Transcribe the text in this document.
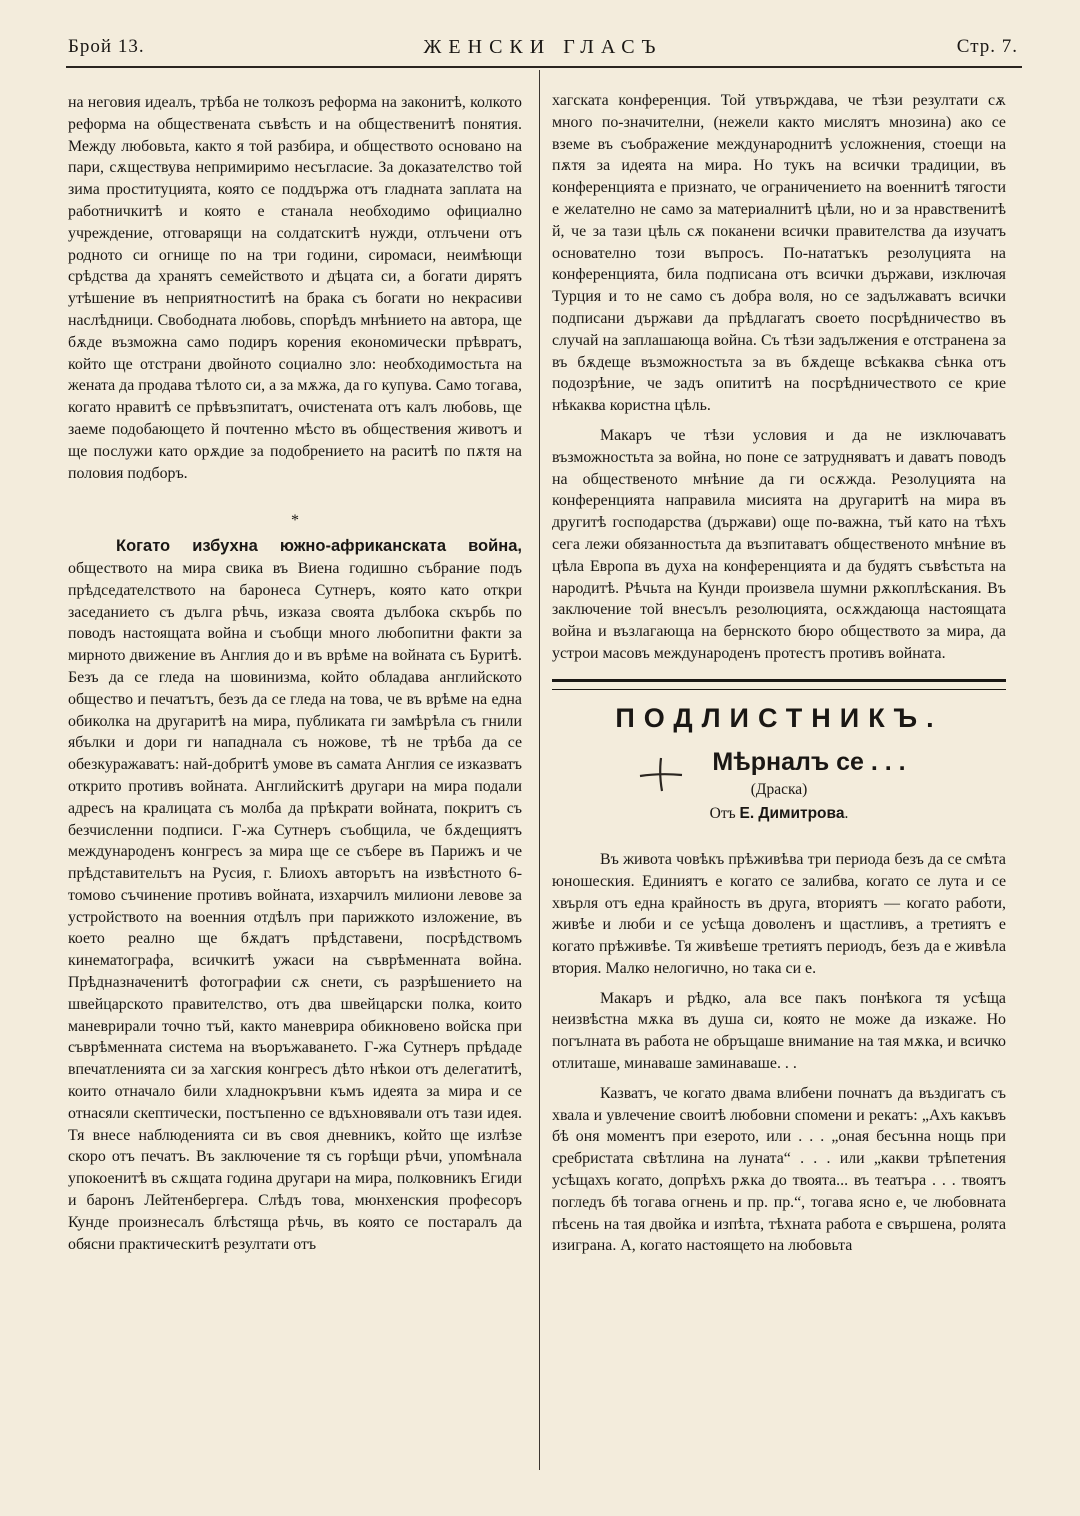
Брой 13.	ЖЕНСКИ ГЛАСЪ	Стр. 7.

на неговия идеалъ, трѣба не толкозъ реформа на законитѣ, колкото реформа на общественатa съвѣсть и на общественитѣ понятия. Между любовьта, както я той разбира, и обществото основано на пари, сѫществува непримиримо несъгласие. За доказателство той зима проституцията, която се поддържа отъ гладната заплата на работничкитѣ и която е станала необходимо официално учреждение, отговарящи на солдатскитѣ нужди, отлъчени отъ родното си огнище по на три години, сиромаси, неимѣющи срѣдства да хранятъ семейството и дѣцата си, а богати дирятъ утѣшение въ неприятноститѣ на брака съ богати но некрасиви наслѣдници. Свободната любовь, спорѣдъ мнѣнието на автора, ще бѫде възможна само подиръ корения економически прѣвратъ, който ще отстрани двойното социално зло: необходимостьта на жената да продава тѣлото си, а за мѫжа, да го купува. Само тогава, когато нравитѣ се прѣвъзпитатъ, очистената отъ калъ любовь, ще заеме подобающето й почтенно мѣсто въ обществения животъ и ще послужи като орѫдие за подобрението на раситѣ по пѫтя на половия подборъ.

*

Когато избухна южно-африканската война, обществото на мира свика въ Виена годишно събрание подъ прѣдседателството на баронеса Сутнеръ, която като откри заседанието съ дълга рѣчь, изказа своята дълбока скърбь по поводъ настоящата война и съобщи много любопитни факти за мирното движение въ Англия до и въ врѣме на войната съ Буритѣ. Безъ да се гледа на шовинизма, който обладава английското общество и печатътъ, безъ да се гледа на това, че въ врѣме на една обиколка на другаритѣ на мира, публиката ги замѣрѣла съ гнили ябълки и дори ги нападнала съ ножове, тѣ не трѣба да се обезкуражаватъ: най-добритѣ умове въ самата Англия се изказватъ открито противъ войната. Английскитѣ другари на мира подали адресъ на кралицата съ молба да прѣкрати войната, покритъ съ безчисленни подписи. Г-жа Сутнеръ съобщила, че бѫдещиятъ международенъ конгресъ за мира ще се събере въ Парижъ и че прѣдставительтъ на Русия, г. Блиохъ авторътъ на извѣстното 6-томово съчинение противъ войната, изхарчилъ милиони левове за устройството на военния отдѣлъ при парижкото изложение, въ което реално ще бѫдатъ прѣдставени, посрѣдствомъ кинематографа, всичкитѣ ужаси на съврѣменната война. Прѣдназначенитѣ фотографии сѫ снети, съ разрѣшението на швейцарското правителство, отъ два швейцарски полка, които маневрирали точно тъй, както маневрира обикновено войска при съврѣменната система на въоръжаването. Г-жа Сутнеръ прѣдаде впечатленията си за хагския конгресъ дѣто нѣкои отъ делегатитѣ, които отначало били хладнокръвни къмъ идеята за мира и се отнасяли скептически, постъпенно се вдъхновявали отъ тази идея. Тя внесе наблюденията си въ своя дневникъ, който ще излѣзе скоро отъ печатъ. Въ заключение тя съ горѣщи рѣчи, упомѣнала упокоенитѣ въ сѫщата година другари на мира, полковникъ Егиди и баронъ Лейтенбергера. Слѣдъ това, мюнхенския професоръ Кунде произнесалъ блѣстяща рѣчь, въ която се постаралъ да обясни практическитѣ резултати отъ

хагската конференция. Той утвърждава, че тѣзи резултати сѫ много по-значителни, (нежели както мислятъ мнозина) ако се вземе въ съображение международнитѣ усложнения, стоещи на пѫтя за идеята на мира. Но тукъ на всички традиции, въ конференцията е признато, че ограничението на военнитѣ тягости е желателно не само за материалнитѣ цѣли, но и за нравственитѣ й, че за тази цѣль сѫ поканени всички правителства да изучатъ основателно този въпросъ. По-нататъкъ резолуцията на конференцията, била подписана отъ всички държави, изключая Турция и то не само съ добра воля, но се задължаватъ всички подписани държави да прѣдлагатъ своето посрѣдничество въ случай на заплашающа война. Съ тѣзи задължения е отстранена за въ бѫдеще възможностьта за въ бѫдеще всѣкаква сѣнка отъ подозрѣние, че задъ опититѣ на посрѣдничеството се крие нѣкаква користна цѣль.

Макаръ че тѣзи условия и да не изключаватъ възможностьта за война, но поне се затрудняватъ и даватъ поводъ на общественото мнѣние да ги осѫжда. Резолуцията на конференцията направила мисията на другаритѣ на мира въ другитѣ господарства (държави) още по-важна, тъй като на тѣхъ сега лежи обязанностьта да възпитаватъ общественото мнѣние въ цѣла Европа въ духа на конференцията и да будятъ съвѣстьта на народитѣ. Рѣчьта на Кунди произвела шумни рѫкоплѣскания. Въ заключение той внесълъ резолюцията, осѫждающа настоящата война и възлагающа на бернското бюро обществото за мира, да устрои масовъ международенъ протестъ противъ войната.

ПОДЛИСТНИКЪ.
Мѣрналъ се . . .
(Драска)
Отъ Е. Димитрова.

Въ живота човѣкъ прѣживѣва три периода безъ да се смѣта юношеския. Единиятъ е когато се залибва, когато се лута и се хвърля отъ една крайность въ друга, вториятъ — когато работи, живѣе и люби и се усѣща доволенъ и щастливъ, а третиятъ е когато прѣживѣе. Тя живѣеше третиятъ периодъ, безъ да е живѣла втория. Малко нелогично, но така си е.

Макаръ и рѣдко, ала все пакъ понѣкога тя усѣща неизвѣстна мѫка въ душа си, която не може да изкаже. Но погълната въ работа не обръщаше внимание на тая мѫка, и всичко отлиташе, минаваше заминаваше. . .

Казватъ, че когато двама влибени почнатъ да въздигатъ съ хвала и увлечение своитѣ любовни спомени и рекатъ: „Ахъ какъвъ бѣ оня моментъ при езерото, или . . . „оная бесънна нощь при сребристата свѣтлина на луната“ . . . или „какви трѣпетения усѣщахъ когато, допрѣхъ рѫка до твоята... въ театъра . . . твоятъ погледъ бѣ тогава огнень и пр. пр.“, тогава ясно е, че любовната пѣсень на тая двойка и изпѣта, тѣхната работа е свършена, ролята изиграна. А, когато настоящето на любовьта
